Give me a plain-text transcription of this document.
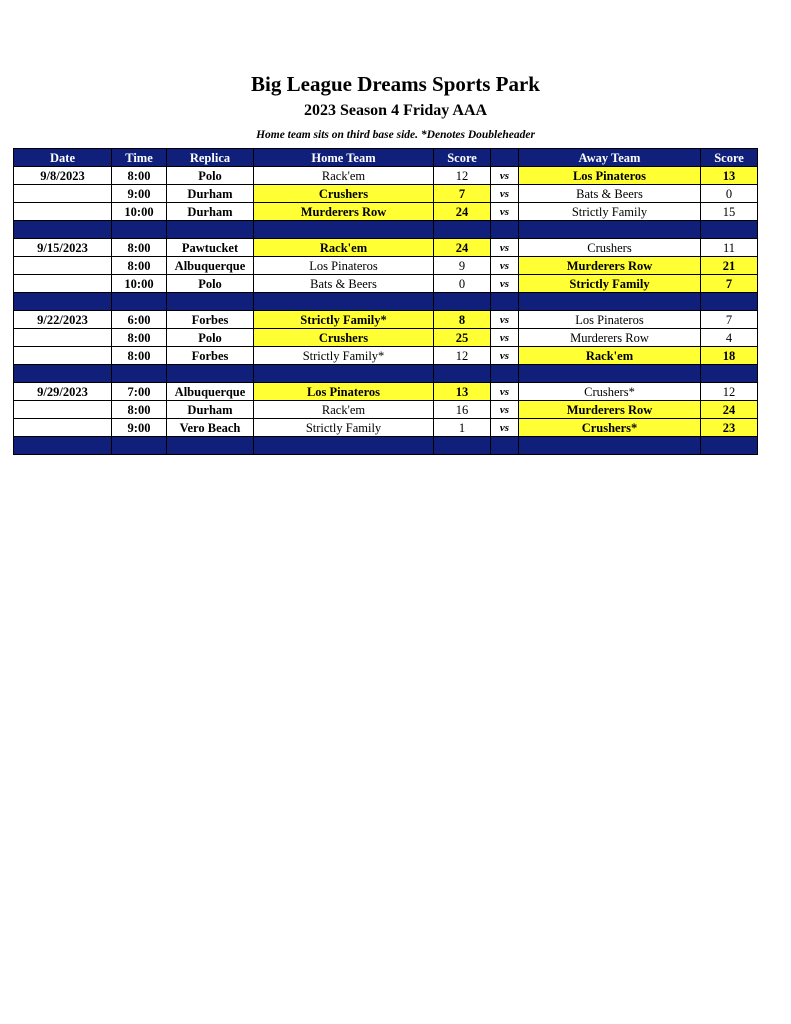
Big League Dreams Sports Park
2023 Season 4 Friday AAA
Home team sits on third base side. *Denotes Doubleheader
Date	Time	Replica	Home Team	Score		Away Team	Score
9/8/2023	8:00	Polo	Rack'em	12	vs	Los Pinateros	13
	9:00	Durham	Crushers	7	vs	Bats & Beers	0
	10:00	Durham	Murderers Row	24	vs	Strictly Family	15

9/15/2023	8:00	Pawtucket	Rack'em	24	vs	Crushers	11
	8:00	Albuquerque	Los Pinateros	9	vs	Murderers Row	21
	10:00	Polo	Bats & Beers	0	vs	Strictly Family	7

9/22/2023	6:00	Forbes	Strictly Family*	8	vs	Los Pinateros	7
	8:00	Polo	Crushers	25	vs	Murderers Row	4
	8:00	Forbes	Strictly Family*	12	vs	Rack'em	18

9/29/2023	7:00	Albuquerque	Los Pinateros	13	vs	Crushers*	12
	8:00	Durham	Rack'em	16	vs	Murderers Row	24
	9:00	Vero Beach	Strictly Family	1	vs	Crushers*	23
